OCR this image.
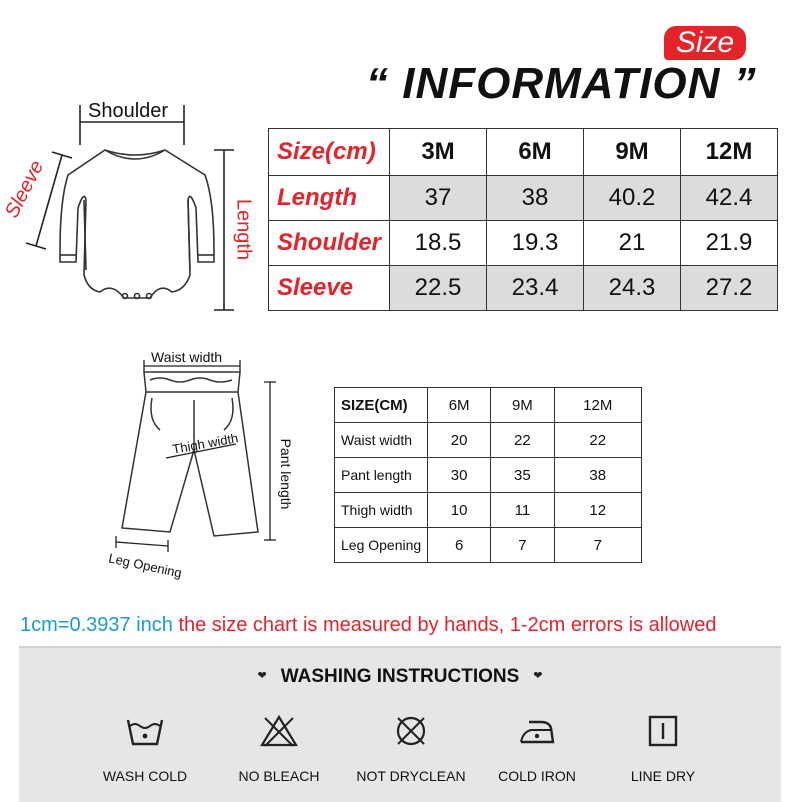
Size
“ INFORMATION ”
Shoulder
Sleeve
Length
Size(cm)	3M	6M	9M	12M
Length	37	38	40.2	42.4
Shoulder	18.5	19.3	21	21.9
Sleeve	22.5	23.4	24.3	27.2
Waist width
Thigh width	Pant length
Leg Opening
SIZE(CM)	6M	9M	12M
Waist width	20	22	22
Pant length	30	35	38
Thigh width	10	11	12
Leg Opening	6	7	7
1cm=0.3937 inch the size chart is measured by hands, 1-2cm errors is allowed
❤ WASHING INSTRUCTIONS ❤
WASH COLD	NO BLEACH	NOT DRYCLEAN	COLD IRON	LINE DRY
